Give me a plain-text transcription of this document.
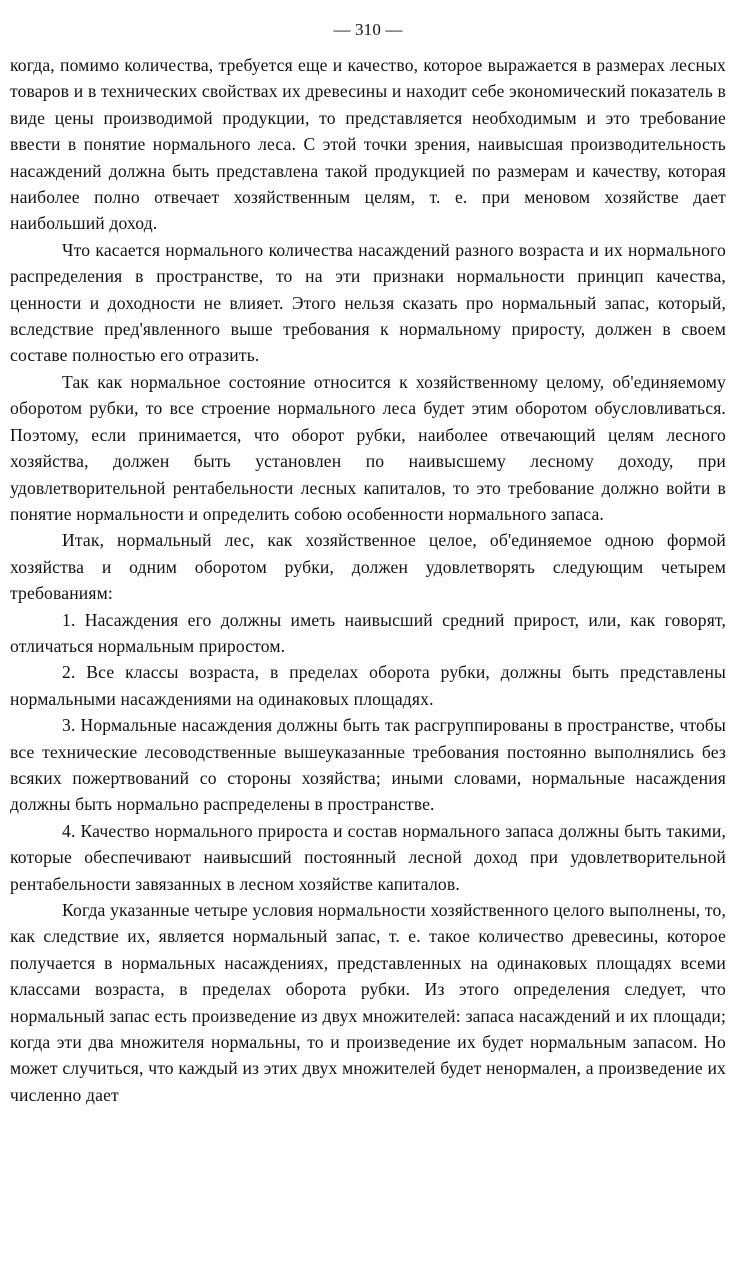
— 310 —

когда, помимо количества, требуется еще и качество, которое выражается в размерах лесных товаров и в технических свойствах их древесины и находит себе экономический показатель в виде цены производимой продукции, то представляется необходимым и это требование ввести в понятие нормального леса. С этой точки зрения, наивысшая производительность насаждений должна быть представлена такой продукцией по размерам и качеству, которая наиболее полно отвечает хозяйственным целям, т. е. при меновом хозяйстве дает наибольший доход.

Что касается нормального количества насаждений разного возраста и их нормального распределения в пространстве, то на эти признаки нормальности принцип качества, ценности и доходности не влияет. Этого нельзя сказать про нормальный запас, который, вследствие пред'явленного выше требования к нормальному приросту, должен в своем составе полностью его отразить.

Так как нормальное состояние относится к хозяйственному целому, об'единяемому оборотом рубки, то все строение нормального леса будет этим оборотом обусловливаться. Поэтому, если принимается, что оборот рубки, наиболее отвечающий целям лесного хозяйства, должен быть установлен по наивысшему лесному доходу, при удовлетворительной рентабельности лесных капиталов, то это требование должно войти в понятие нормальности и определить собою особенности нормального запаса.

Итак, нормальный лес, как хозяйственное целое, об'единяемое одною формой хозяйства и одним оборотом рубки, должен удовлетворять следующим четырем требованиям:

1. Насаждения его должны иметь наивысший средний прирост, или, как говорят, отличаться нормальным приростом.

2. Все классы возраста, в пределах оборота рубки, должны быть представлены нормальными насаждениями на одинаковых площадях.

3. Нормальные насаждения должны быть так расгруппированы в пространстве, чтобы все технические лесоводственные вышеуказанные требования постоянно выполнялись без всяких пожертвований со стороны хозяйства; иными словами, нормальные насаждения должны быть нормально распределены в пространстве.

4. Качество нормального прироста и состав нормального запаса должны быть такими, которые обеспечивают наивысший постоянный лесной доход при удовлетворительной рентабельности завязанных в лесном хозяйстве капиталов.

Когда указанные четыре условия нормальности хозяйственного целого выполнены, то, как следствие их, является нормальный запас, т. е. такое количество древесины, которое получается в нормальных насаждениях, представленных на одинаковых площадях всеми классами возраста, в пределах оборота рубки. Из этого определения следует, что нормальный запас есть произведение из двух множителей: запаса насаждений и их площади; когда эти два множителя нормальны, то и произведение их будет нормальным запасом. Но может случиться, что каждый из этих двух множителей будет ненормален, а произведение их численно дает
